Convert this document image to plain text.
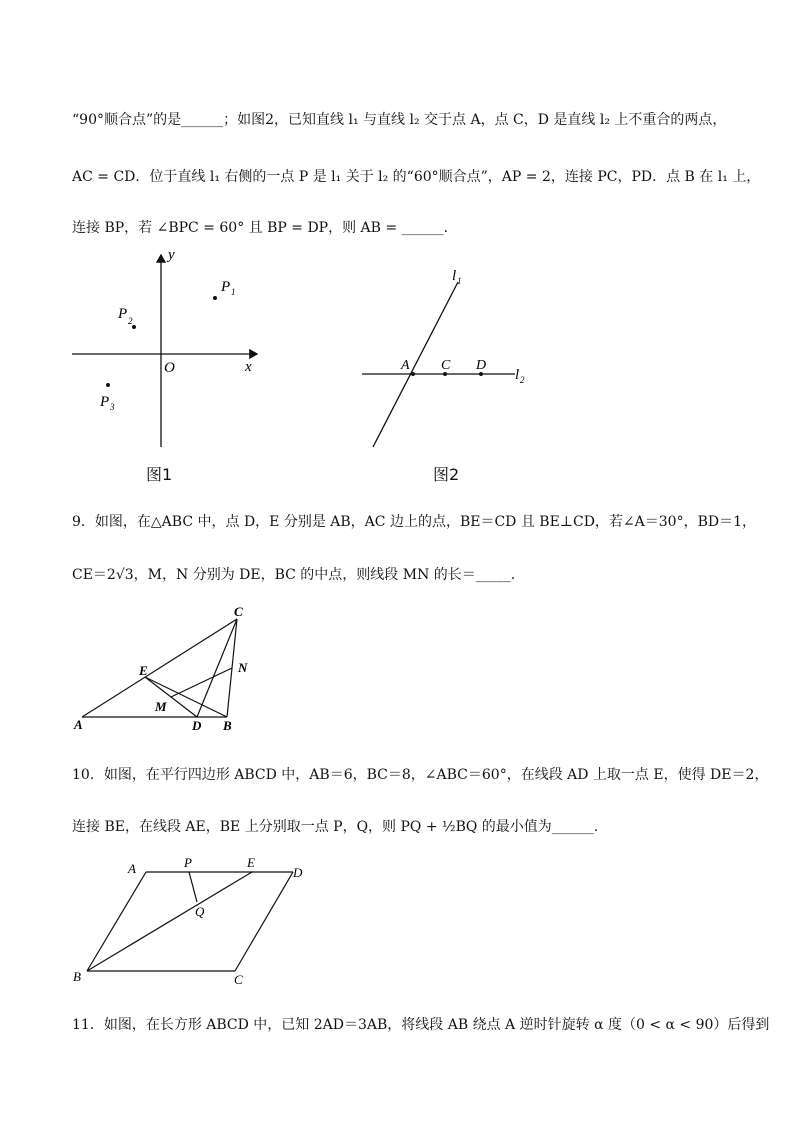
“90°顺合点”的是______；如图2，已知直线 l₁ 与直线 l₂ 交于点 A，点 C，D 是直线 l₂ 上不重合的两点，
AC = CD．位于直线 l₁ 右侧的一点 P 是 l₁ 关于 l₂ 的“60°顺合点”，AP = 2，连接 PC，PD．点 B 在 l₁ 上，
连接 BP，若 ∠BPC = 60° 且 BP = DP，则 AB = ______.
y
x
O
P 1
P 2
P 3
图1
l 1
l 2
A C D
图2
9．如图，在△ABC 中，点 D，E 分别是 AB，AC 边上的点，BE＝CD 且 BE⊥CD，若∠A＝30°，BD＝1，
CE＝2√3，M，N 分别为 DE，BC 的中点，则线段 MN 的长＝_____.
C
E	N
M
A	D B
10．如图，在平行四边形 ABCD 中，AB＝6，BC＝8，∠ABC＝60°，在线段 AD 上取一点 E，使得 DE＝2，
连接 BE，在线段 AE，BE 上分别取一点 P，Q，则 PQ + ½BQ 的最小值为______.
A	P	E
D
Q
B	C
11．如图，在长方形 ABCD 中，已知 2AD＝3AB，将线段 AB 绕点 A 逆时针旋转 α 度（0 < α < 90）后得到
